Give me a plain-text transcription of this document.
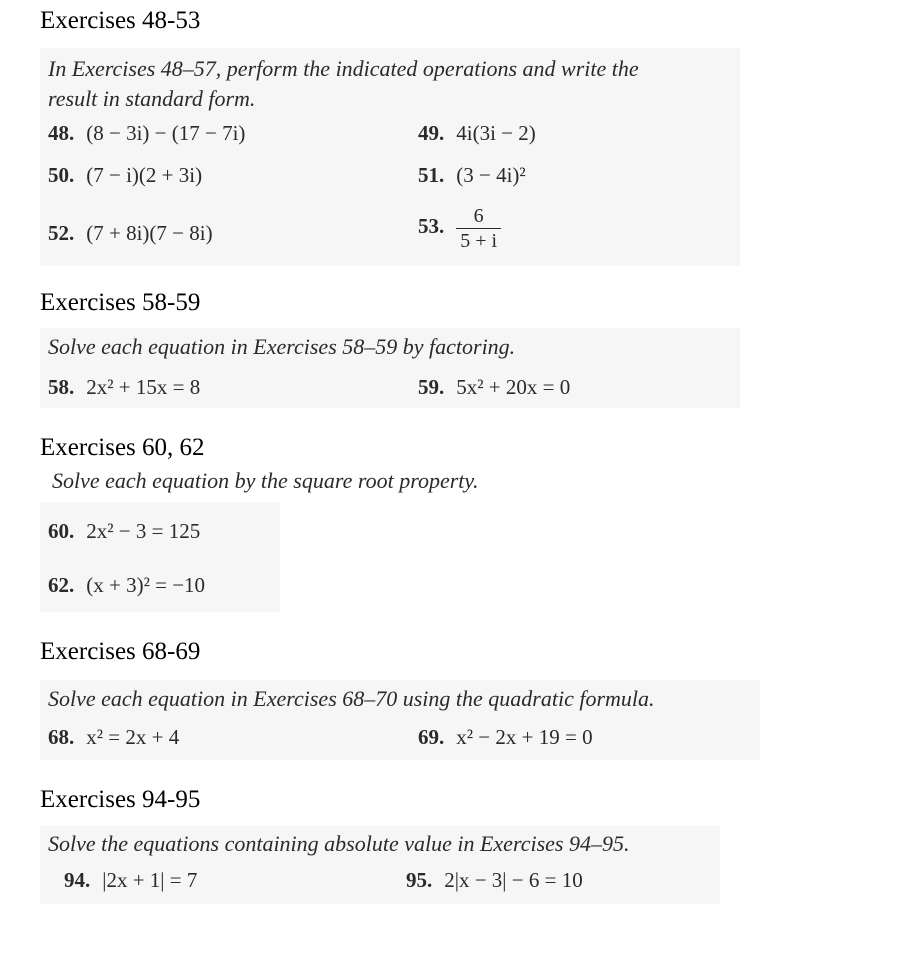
Exercises 48-53
In Exercises 48–57, perform the indicated operations and write the
result in standard form.
48. (8 − 3i) − (17 − 7i)	49. 4i(3i − 2)
50. (7 − i)(2 + 3i)	51. (3 − 4i)²
52. (7 + 8i)(7 − 8i)	53. $\frac{6}{5 + i}$
Exercises 58-59
Solve each equation in Exercises 58–59 by factoring.
58. 2x² + 15x = 8	59. 5x² + 20x = 0
Exercises 60, 62
Solve each equation by the square root property.
60. 2x² − 3 = 125
62. (x + 3)² = −10
Exercises 68-69
Solve each equation in Exercises 68–70 using the quadratic formula.
68. x² = 2x + 4	69. x² − 2x + 19 = 0
Exercises 94-95
Solve the equations containing absolute value in Exercises 94–95.
94. |2x + 1| = 7	95. 2|x − 3| − 6 = 10
